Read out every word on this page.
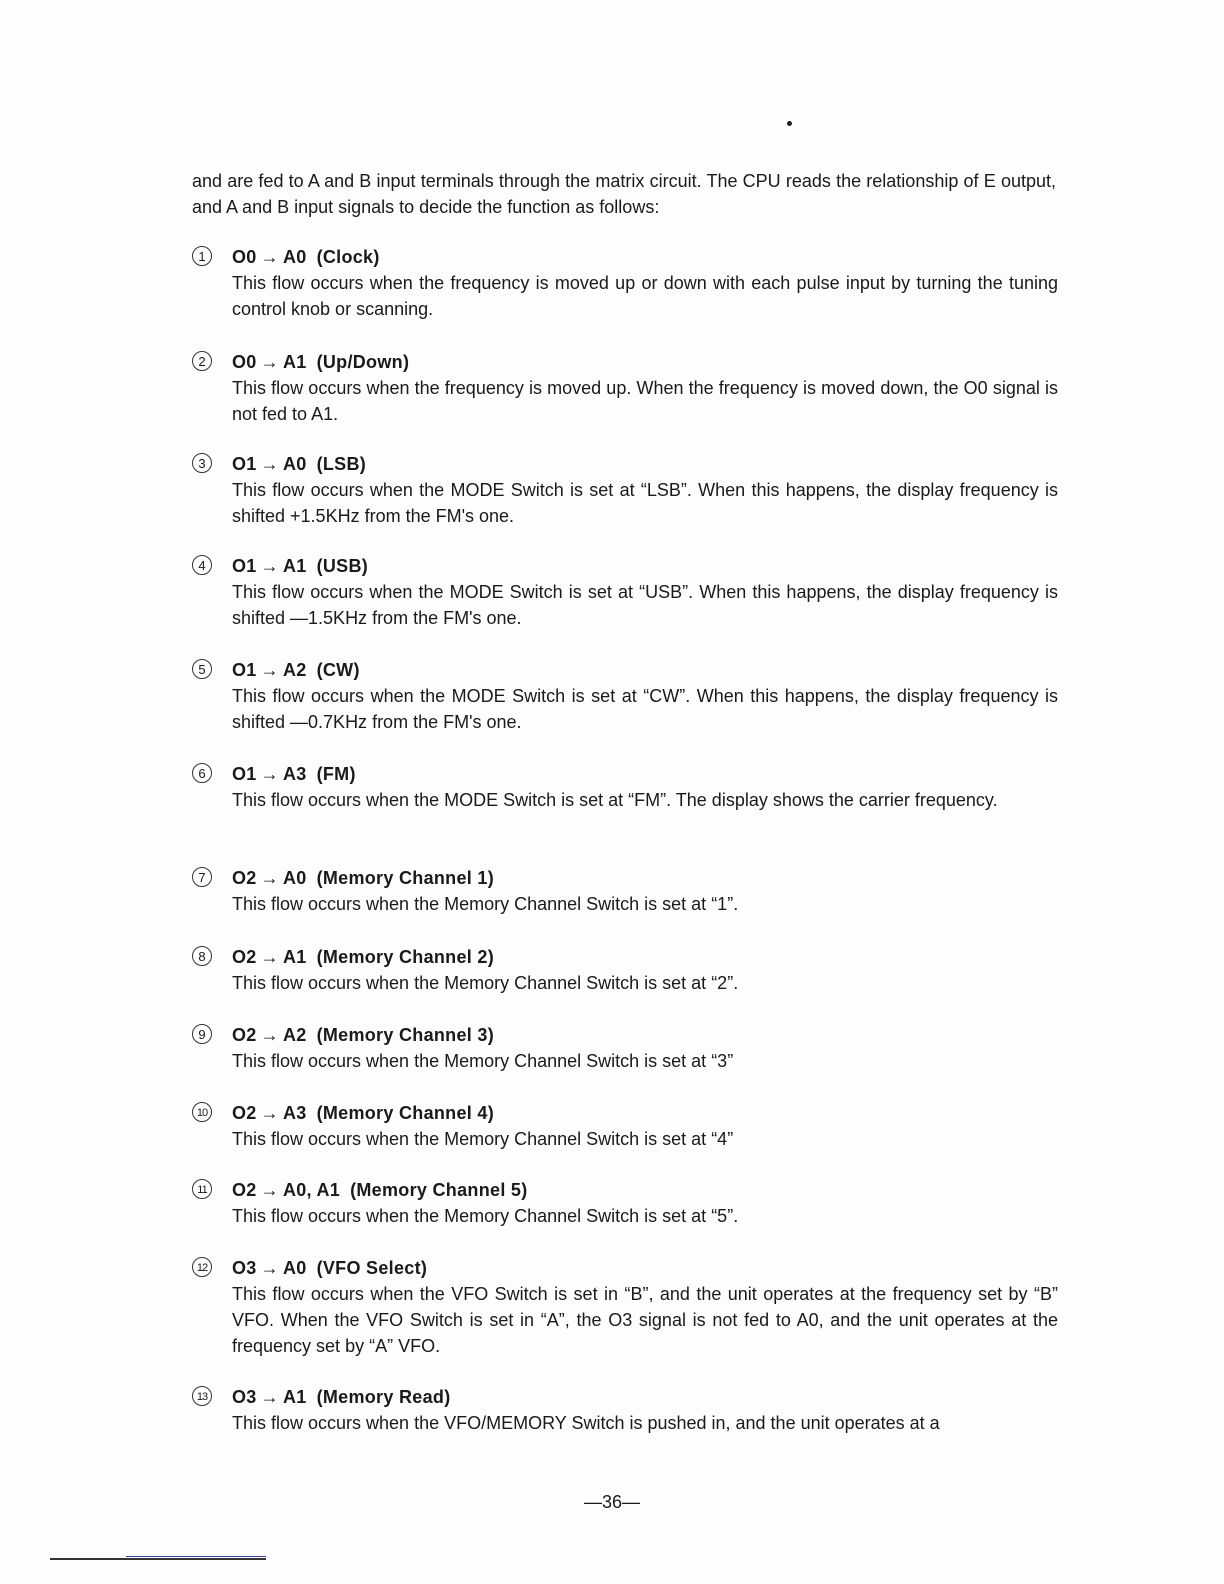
and are fed to A and B input terminals through the matrix circuit. The CPU reads the relationship of E output, and A and B input signals to decide the function as follows:
1	O0 → A0 (Clock)
This flow occurs when the frequency is moved up or down with each pulse input by turning the tuning control knob or scanning.
2	O0 → A1 (Up/Down)
This flow occurs when the frequency is moved up. When the frequency is moved down, the O0 signal is not fed to A1.
3	O1 → A0 (LSB)
This flow occurs when the MODE Switch is set at “LSB”. When this happens, the display frequency is shifted +1.5KHz from the FM's one.
4	O1 → A1 (USB)
This flow occurs when the MODE Switch is set at “USB”. When this happens, the display frequency is shifted —1.5KHz from the FM's one.
5	O1 → A2 (CW)
This flow occurs when the MODE Switch is set at “CW”. When this happens, the display frequency is shifted —0.7KHz from the FM's one.
6	O1 → A3 (FM)
This flow occurs when the MODE Switch is set at “FM”. The display shows the carrier frequency.
7	O2 → A0 (Memory Channel 1)
This flow occurs when the Memory Channel Switch is set at “1”.
8	O2 → A1 (Memory Channel 2)
This flow occurs when the Memory Channel Switch is set at “2”.
9	O2 → A2 (Memory Channel 3)
This flow occurs when the Memory Channel Switch is set at “3”
10 O2 → A3 (Memory Channel 4)
This flow occurs when the Memory Channel Switch is set at “4”
11 O2 → A0, A1 (Memory Channel 5)
This flow occurs when the Memory Channel Switch is set at “5”.
12 O3 → A0 (VFO Select)
This flow occurs when the VFO Switch is set in “B”, and the unit operates at the frequency set by “B” VFO. When the VFO Switch is set in “A”, the O3 signal is not fed to A0, and the unit operates at the frequency set by “A” VFO.
13 O3 → A1 (Memory Read)
This flow occurs when the VFO/MEMORY Switch is pushed in, and the unit operates at a
—36—
